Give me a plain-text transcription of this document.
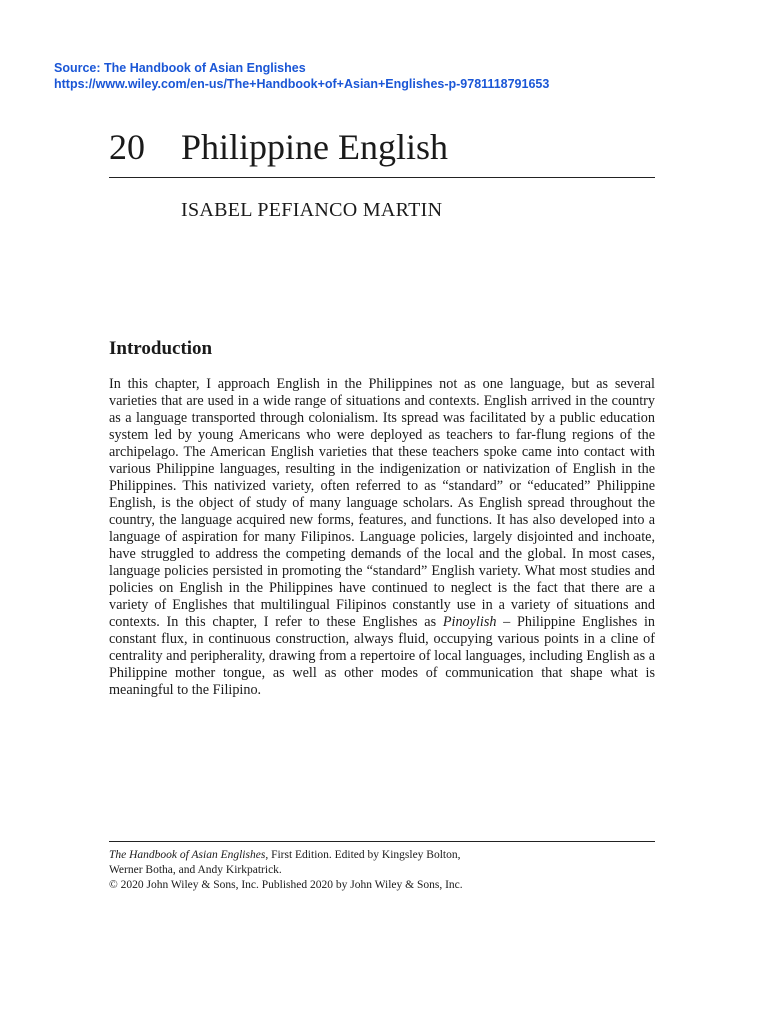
Source: The Handbook of Asian Englishes
https://www.wiley.com/en-us/The+Handbook+of+Asian+Englishes-p-9781118791653
20 Philippine English
ISABEL PEFIANCO MARTIN
Introduction
In this chapter, I approach English in the Philippines not as one language, but as several varieties that are used in a wide range of situations and contexts. English arrived in the country as a language transported through colonialism. Its spread was facilitated by a public education system led by young Americans who were deployed as teachers to far-flung regions of the archipelago. The American English varieties that these teachers spoke came into contact with various Philippine languages, resulting in the indigenization or nativization of English in the Philippines. This nativized variety, often referred to as “standard” or “educated” Philippine English, is the object of study of many language scholars. As English spread throughout the country, the language acquired new forms, features, and functions. It has also developed into a language of aspiration for many Filipinos. Language policies, largely disjointed and inchoate, have struggled to address the competing demands of the local and the global. In most cases, language policies persisted in promoting the “standard” English variety. What most studies and policies on English in the Philippines have continued to neglect is the fact that there are a variety of Englishes that multilingual Filipinos constantly use in a variety of situations and contexts. In this chapter, I refer to these Englishes as Pinoylish – Philippine Englishes in constant flux, in continuous construction, always fluid, occupying various points in a cline of centrality and peripherality, drawing from a repertoire of local languages, including English as a Philippine mother tongue, as well as other modes of communication that shape what is meaningful to the Filipino.
The Handbook of Asian Englishes, First Edition. Edited by Kingsley Bolton,
Werner Botha, and Andy Kirkpatrick.
© 2020 John Wiley & Sons, Inc. Published 2020 by John Wiley & Sons, Inc.
